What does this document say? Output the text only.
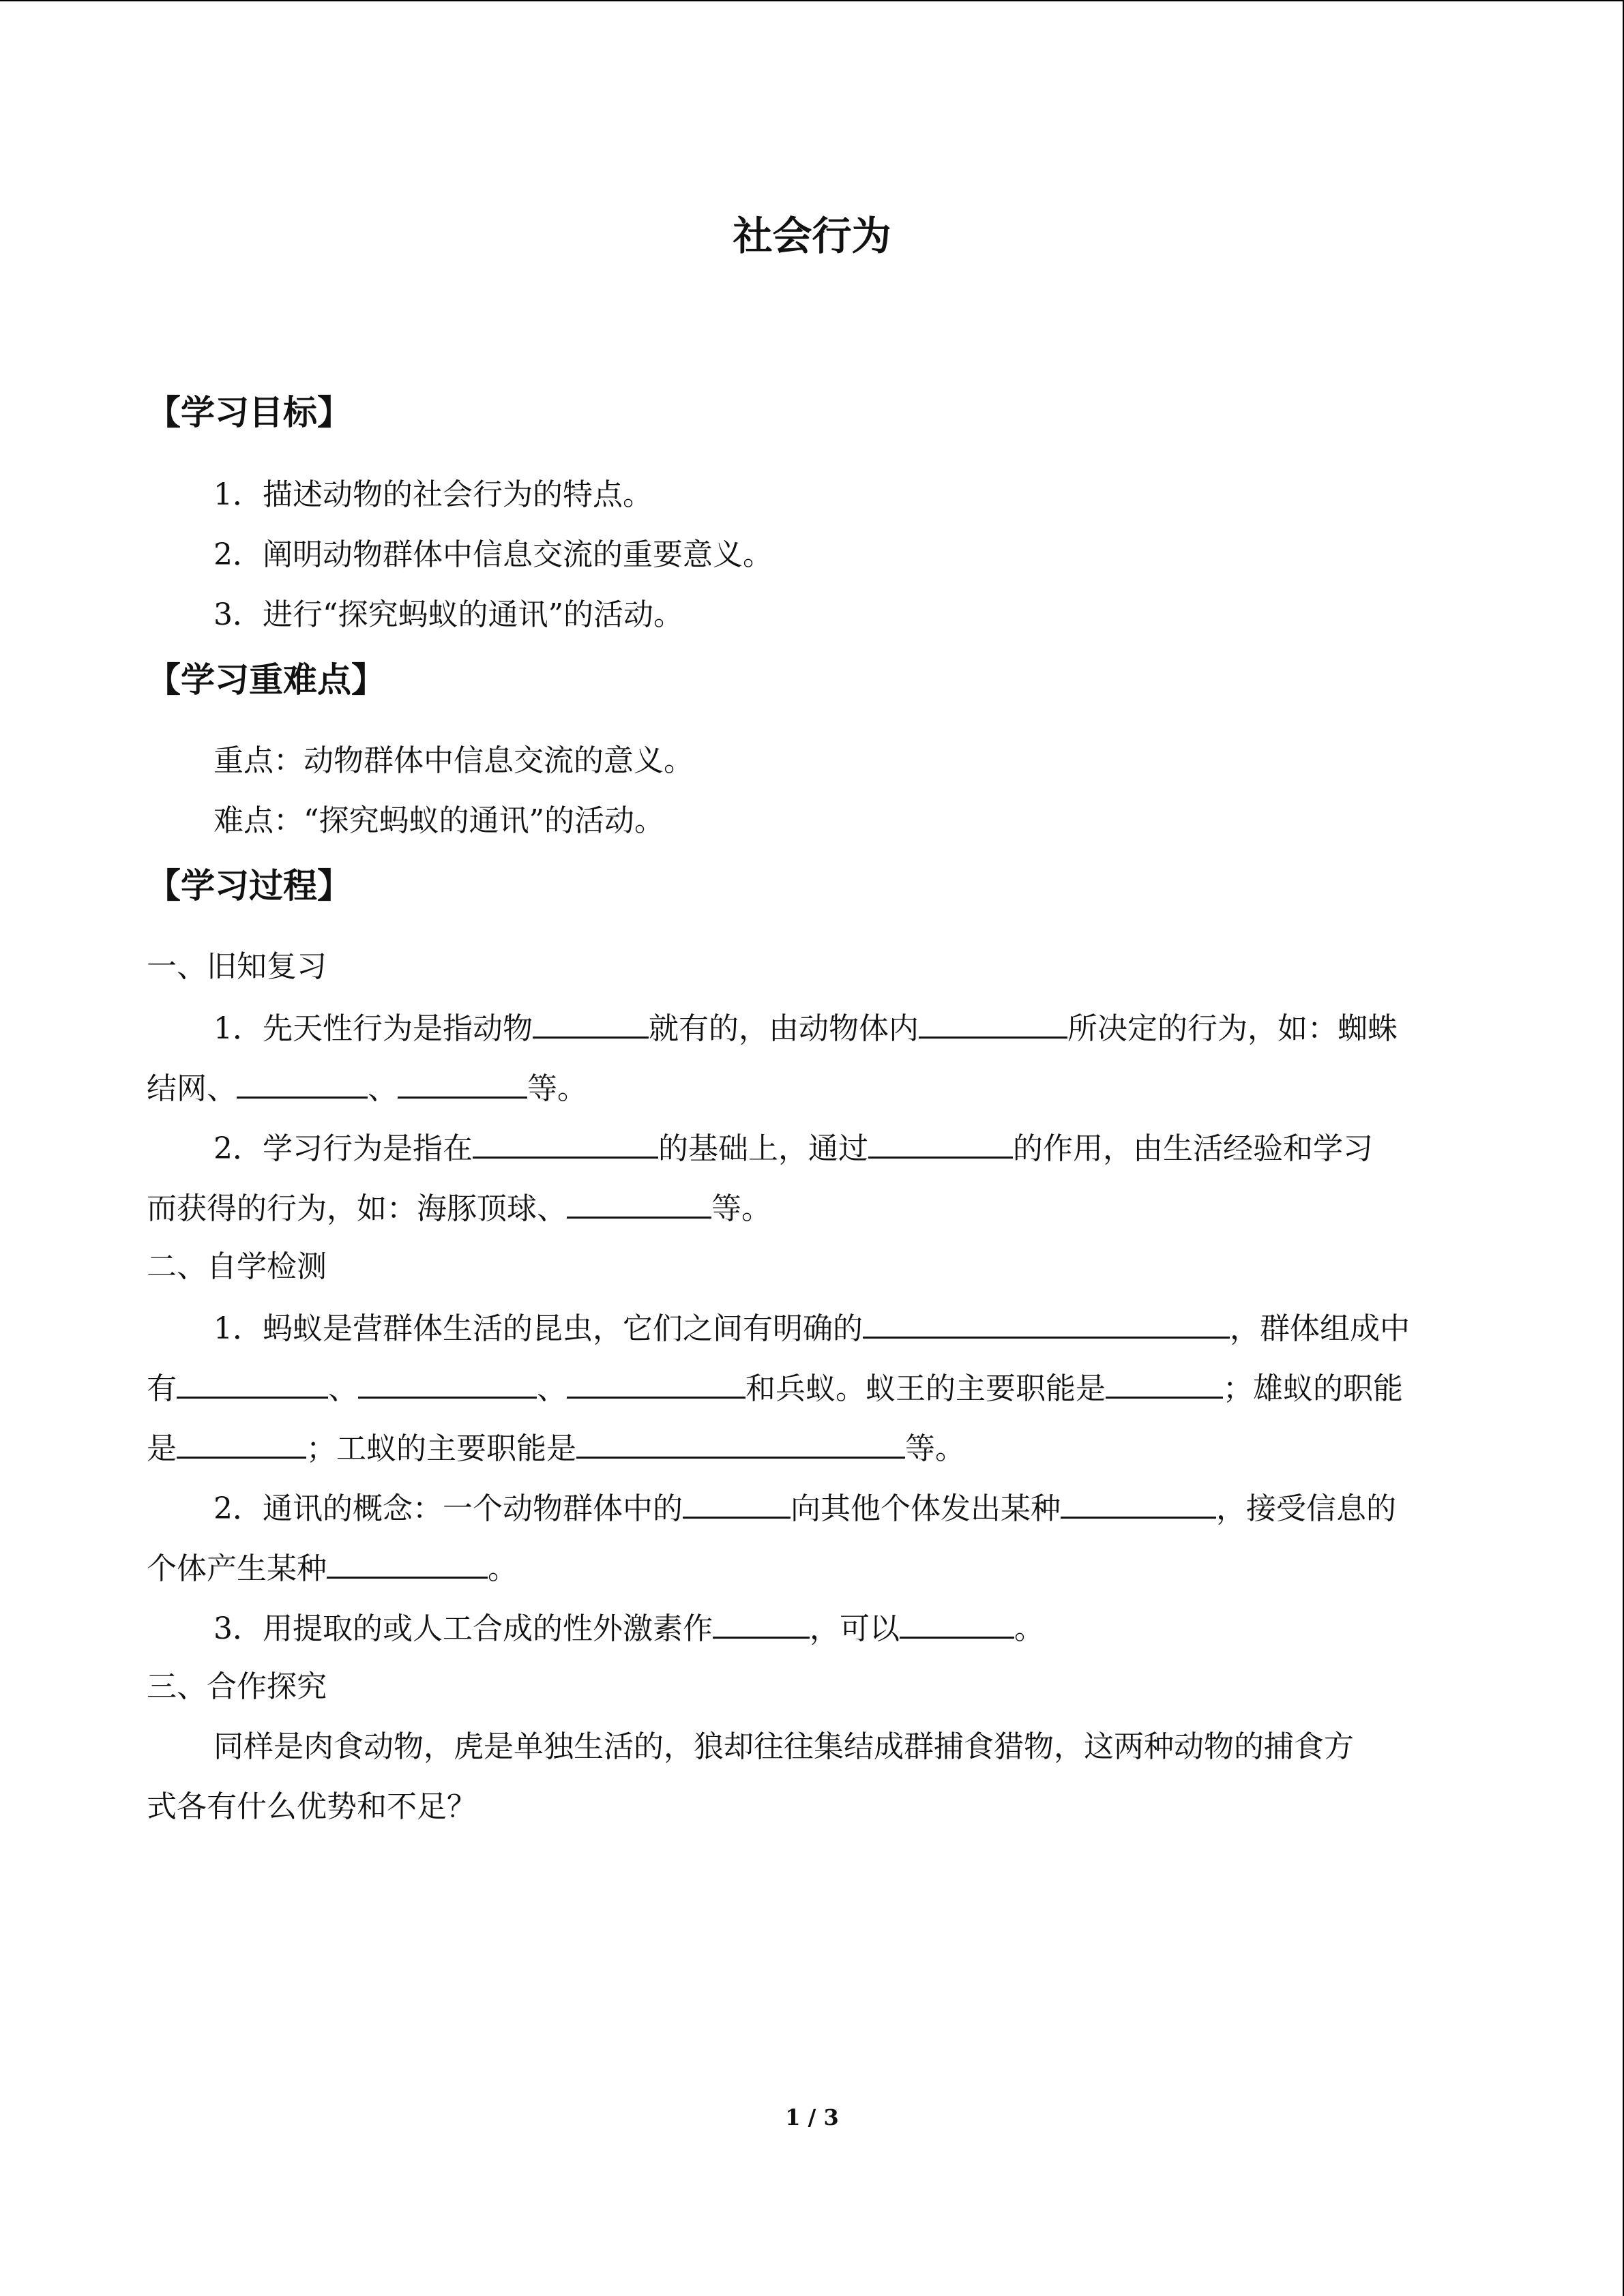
社会行为
【学习目标】
1．描述动物的社会行为的特点。
2．阐明动物群体中信息交流的重要意义。
3．进行“探究蚂蚁的通讯”的活动。
【学习重难点】
重点：动物群体中信息交流的意义。
难点：“探究蚂蚁的通讯”的活动。
【学习过程】
一、旧知复习
1．先天性行为是指动物	就有的，由动物体内	所决定的行为，如：蜘蛛
结网、	、	等。
2．学习行为是指在	的基础上，通过	的作用，由生活经验和学习
而获得的行为，如：海豚顶球、	等。
二、自学检测
1．蚂蚁是营群体生活的昆虫，它们之间有明确的	，群体组成中
有	、	、	和兵蚁。蚁王的主要职能是	；雄蚁的职能
是	；工蚁的主要职能是	等。
2．通讯的概念：一个动物群体中的	向其他个体发出某种	，接受信息的
个体产生某种	。
3．用提取的或人工合成的性外激素作	，可以	。
三、合作探究
同样是肉食动物，虎是单独生活的，狼却往往集结成群捕食猎物，这两种动物的捕食方
式各有什么优势和不足？
1 / 3
